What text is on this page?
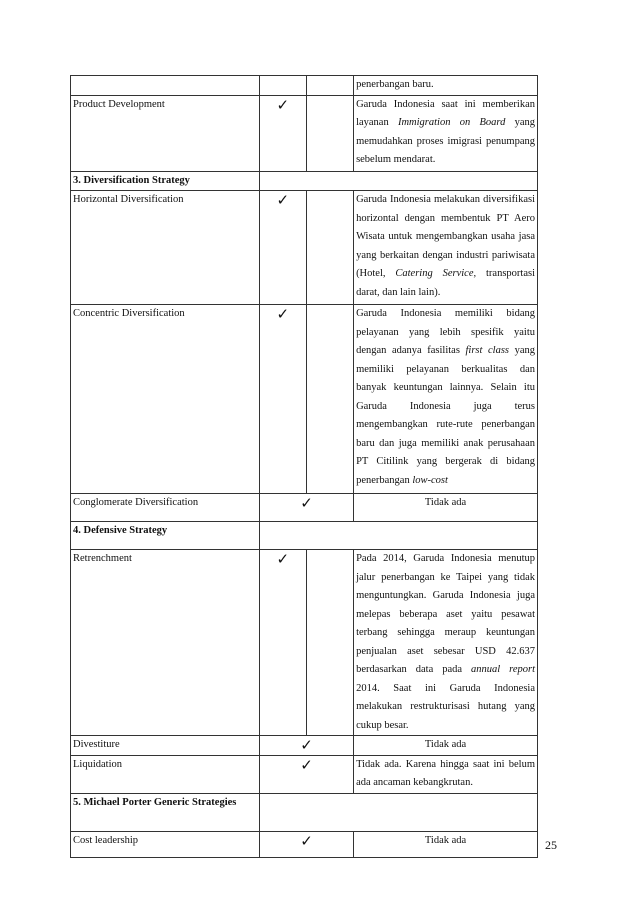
			penerbangan baru.

Product Development	✓		Garuda Indonesia saat ini memberikan layanan Immigration on Board yang memudahkan proses imigrasi penumpang sebelum mendarat.

3. Diversification Strategy			
Horizontal Diversification	✓		Garuda Indonesia melakukan diversifikasi horizontal dengan membentuk PT Aero Wisata untuk mengembangkan usaha jasa yang berkaitan dengan industri pariwisata (Hotel, Catering Service, transportasi darat, dan lain lain).

Concentric Diversification	✓		Garuda Indonesia memiliki bidang pelayanan yang lebih spesifik yaitu dengan adanya fasilitas first class yang memiliki pelayanan berkualitas dan banyak keuntungan lainnya. Selain itu Garuda Indonesia juga terus mengembangkan rute-rute penerbangan baru dan juga memiliki anak perusahaan PT Citilink yang bergerak di bidang penerbangan low-cost

Conglomerate Diversification	✓		Tidak ada
4. Defensive Strategy			
Retrenchment	✓		Pada 2014, Garuda Indonesia menutup jalur penerbangan ke Taipei yang tidak menguntungkan. Garuda Indonesia juga melepas beberapa aset yaitu pesawat terbang sehingga meraup keuntungan penjualan aset sebesar USD 42.637 berdasarkan data pada annual report 2014. Saat ini Garuda Indonesia melakukan restrukturisasi hutang yang cukup besar.

Divestiture	✓		Tidak ada
Liquidation	✓		Tidak ada. Karena hingga saat ini belum ada ancaman kebangkrutan.

5. Michael Porter Generic Strategies			
Cost leadership	✓		Tidak ada	25
